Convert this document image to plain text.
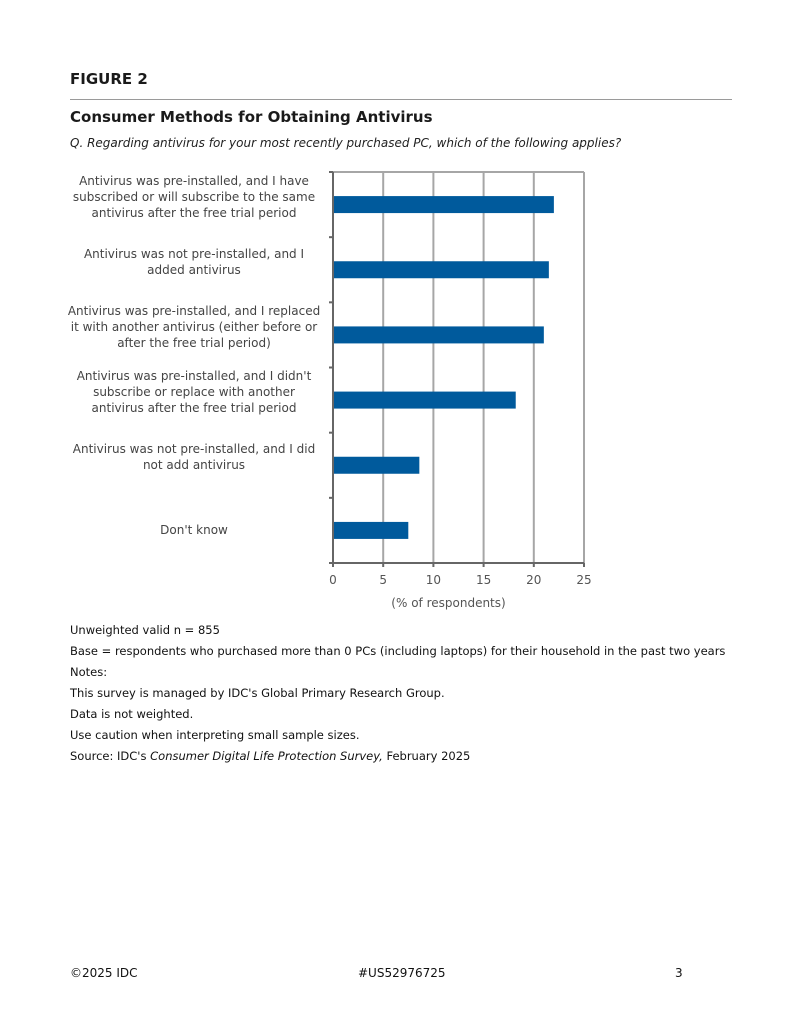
FIGURE 2
Consumer Methods for Obtaining Antivirus
Q. Regarding antivirus for your most recently purchased PC, which of the following applies?
0	5	10	15	20	25
(% of respondents)
Antivirus was pre-installed, and I have
subscribed or will subscribe to the same
antivirus after the free trial period
Antivirus was not pre-installed, and I
added antivirus
Antivirus was pre-installed, and I replaced
it with another antivirus (either before or
after the free trial period)
Antivirus was pre-installed, and I didn't
subscribe or replace with another
antivirus after the free trial period
Antivirus was not pre-installed, and I did
not add antivirus
Don't know
Unweighted valid n = 855
Base = respondents who purchased more than 0 PCs (including laptops) for their household in the past two years
Notes:
This survey is managed by IDC's Global Primary Research Group.
Data is not weighted.
Use caution when interpreting small sample sizes.
Source: IDC's Consumer Digital Life Protection Survey, February 2025
©2025 IDC	#US52976725	3
